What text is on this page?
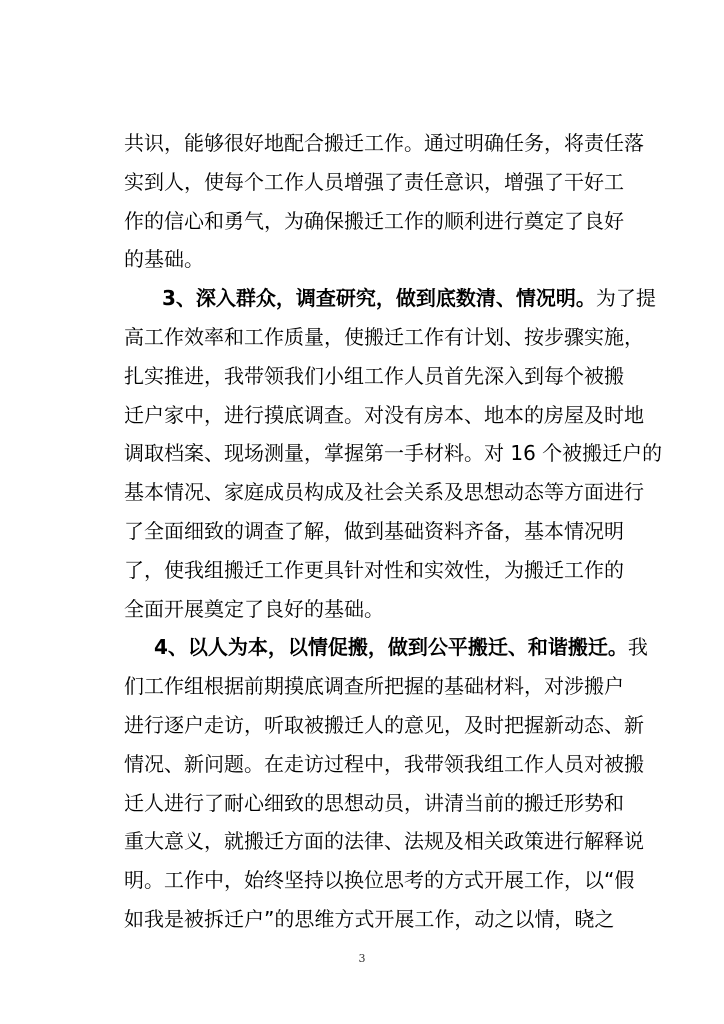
共识，能够很好地配合搬迁工作。通过明确任务，将责任落
实到人，使每个工作人员增强了责任意识，增强了干好工
作的信心和勇气，为确保搬迁工作的顺利进行奠定了良好
的基础。
3、深入群众，调查研究，做到底数清、情况明。为了提
高工作效率和工作质量，使搬迁工作有计划、按步骤实施，
扎实推进，我带领我们小组工作人员首先深入到每个被搬
迁户家中，进行摸底调查。对没有房本、地本的房屋及时地
调取档案、现场测量，掌握第一手材料。对 16 个被搬迁户的
基本情况、家庭成员构成及社会关系及思想动态等方面进行
了全面细致的调查了解，做到基础资料齐备，基本情况明
了，使我组搬迁工作更具针对性和实效性，为搬迁工作的
全面开展奠定了良好的基础。
4、以人为本，以情促搬，做到公平搬迁、和谐搬迁。我
们工作组根据前期摸底调查所把握的基础材料，对涉搬户
进行逐户走访，听取被搬迁人的意见，及时把握新动态、新
情况、新问题。在走访过程中，我带领我组工作人员对被搬
迁人进行了耐心细致的思想动员，讲清当前的搬迁形势和
重大意义，就搬迁方面的法律、法规及相关政策进行解释说
明。工作中，始终坚持以换位思考的方式开展工作，以“假
如我是被拆迁户”的思维方式开展工作，动之以情，晓之
3
